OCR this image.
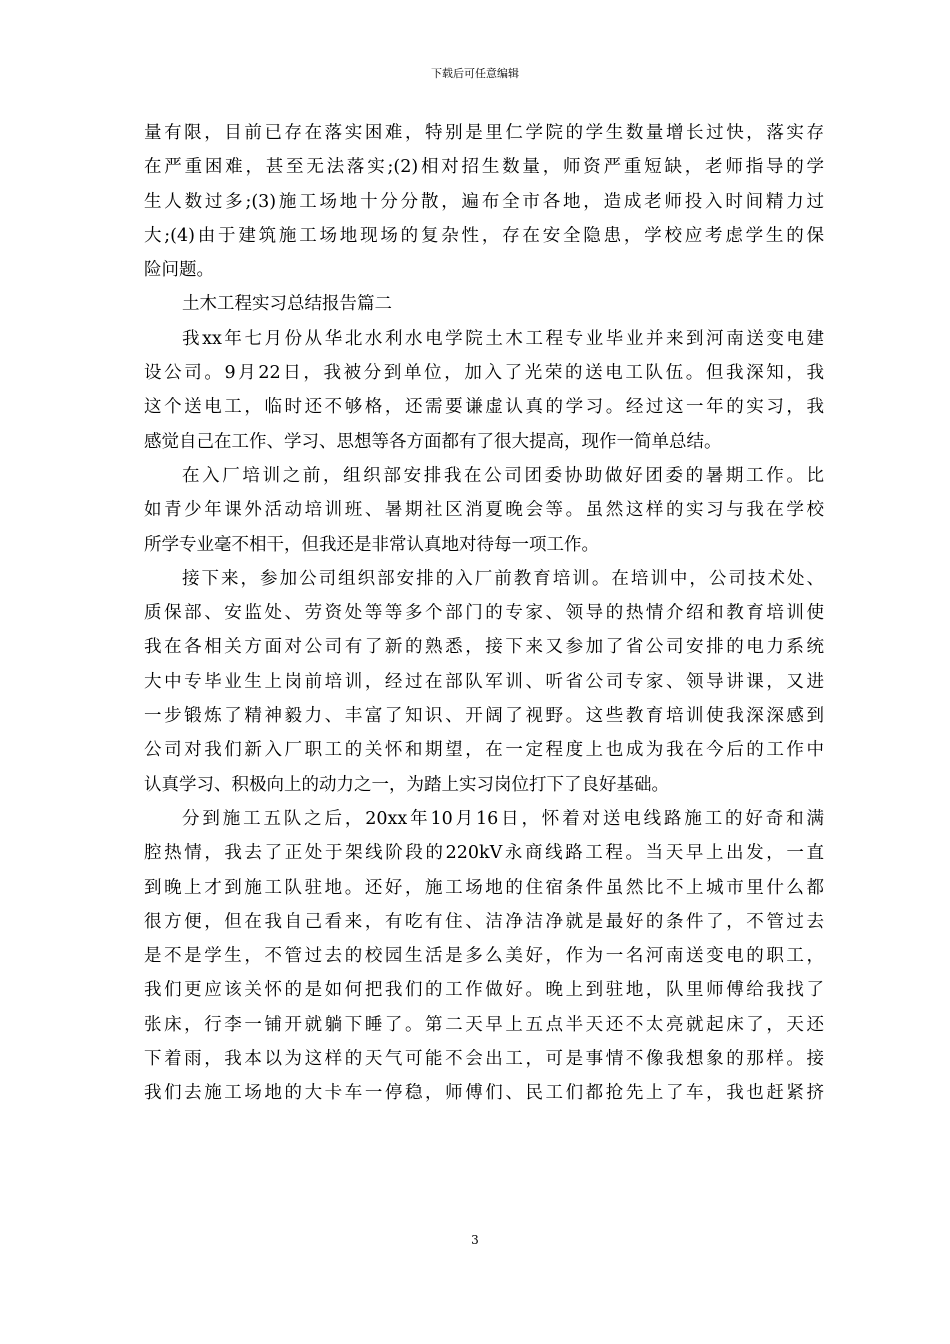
下载后可任意编辑
量有限，目前已存在落实困难，特别是里仁学院的学生数量增长过快，落实存
在严重困难，甚至无法落实;(2)相对招生数量，师资严重短缺，老师指导的学
生人数过多;(3)施工场地十分分散，遍布全市各地，造成老师投入时间精力过
大;(4)由于建筑施工场地现场的复杂性，存在安全隐患，学校应考虑学生的保
险问题。
土木工程实习总结报告篇二
我xx年七月份从华北水利水电学院土木工程专业毕业并来到河南送变电建
设公司。9月22日，我被分到单位，加入了光荣的送电工队伍。但我深知，我
这个送电工，临时还不够格，还需要谦虚认真的学习。经过这一年的实习，我
感觉自己在工作、学习、思想等各方面都有了很大提高，现作一简单总结。
在入厂培训之前，组织部安排我在公司团委协助做好团委的暑期工作。比
如青少年课外活动培训班、暑期社区消夏晚会等。虽然这样的实习与我在学校
所学专业毫不相干，但我还是非常认真地对待每一项工作。
接下来，参加公司组织部安排的入厂前教育培训。在培训中，公司技术处、
质保部、安监处、劳资处等等多个部门的专家、领导的热情介绍和教育培训使
我在各相关方面对公司有了新的熟悉，接下来又参加了省公司安排的电力系统
大中专毕业生上岗前培训，经过在部队军训、听省公司专家、领导讲课，又进
一步锻炼了精神毅力、丰富了知识、开阔了视野。这些教育培训使我深深感到
公司对我们新入厂职工的关怀和期望，在一定程度上也成为我在今后的工作中
认真学习、积极向上的动力之一，为踏上实习岗位打下了良好基础。
分到施工五队之后，20xx年10月16日，怀着对送电线路施工的好奇和满
腔热情，我去了正处于架线阶段的220kV永商线路工程。当天早上出发，一直
到晚上才到施工队驻地。还好，施工场地的住宿条件虽然比不上城市里什么都
很方便，但在我自己看来，有吃有住、洁净洁净就是最好的条件了，不管过去
是不是学生，不管过去的校园生活是多么美好，作为一名河南送变电的职工，
我们更应该关怀的是如何把我们的工作做好。晚上到驻地，队里师傅给我找了
张床，行李一铺开就躺下睡了。第二天早上五点半天还不太亮就起床了，天还
下着雨，我本以为这样的天气可能不会出工，可是事情不像我想象的那样。接
我们去施工场地的大卡车一停稳，师傅们、民工们都抢先上了车，我也赶紧挤
3
